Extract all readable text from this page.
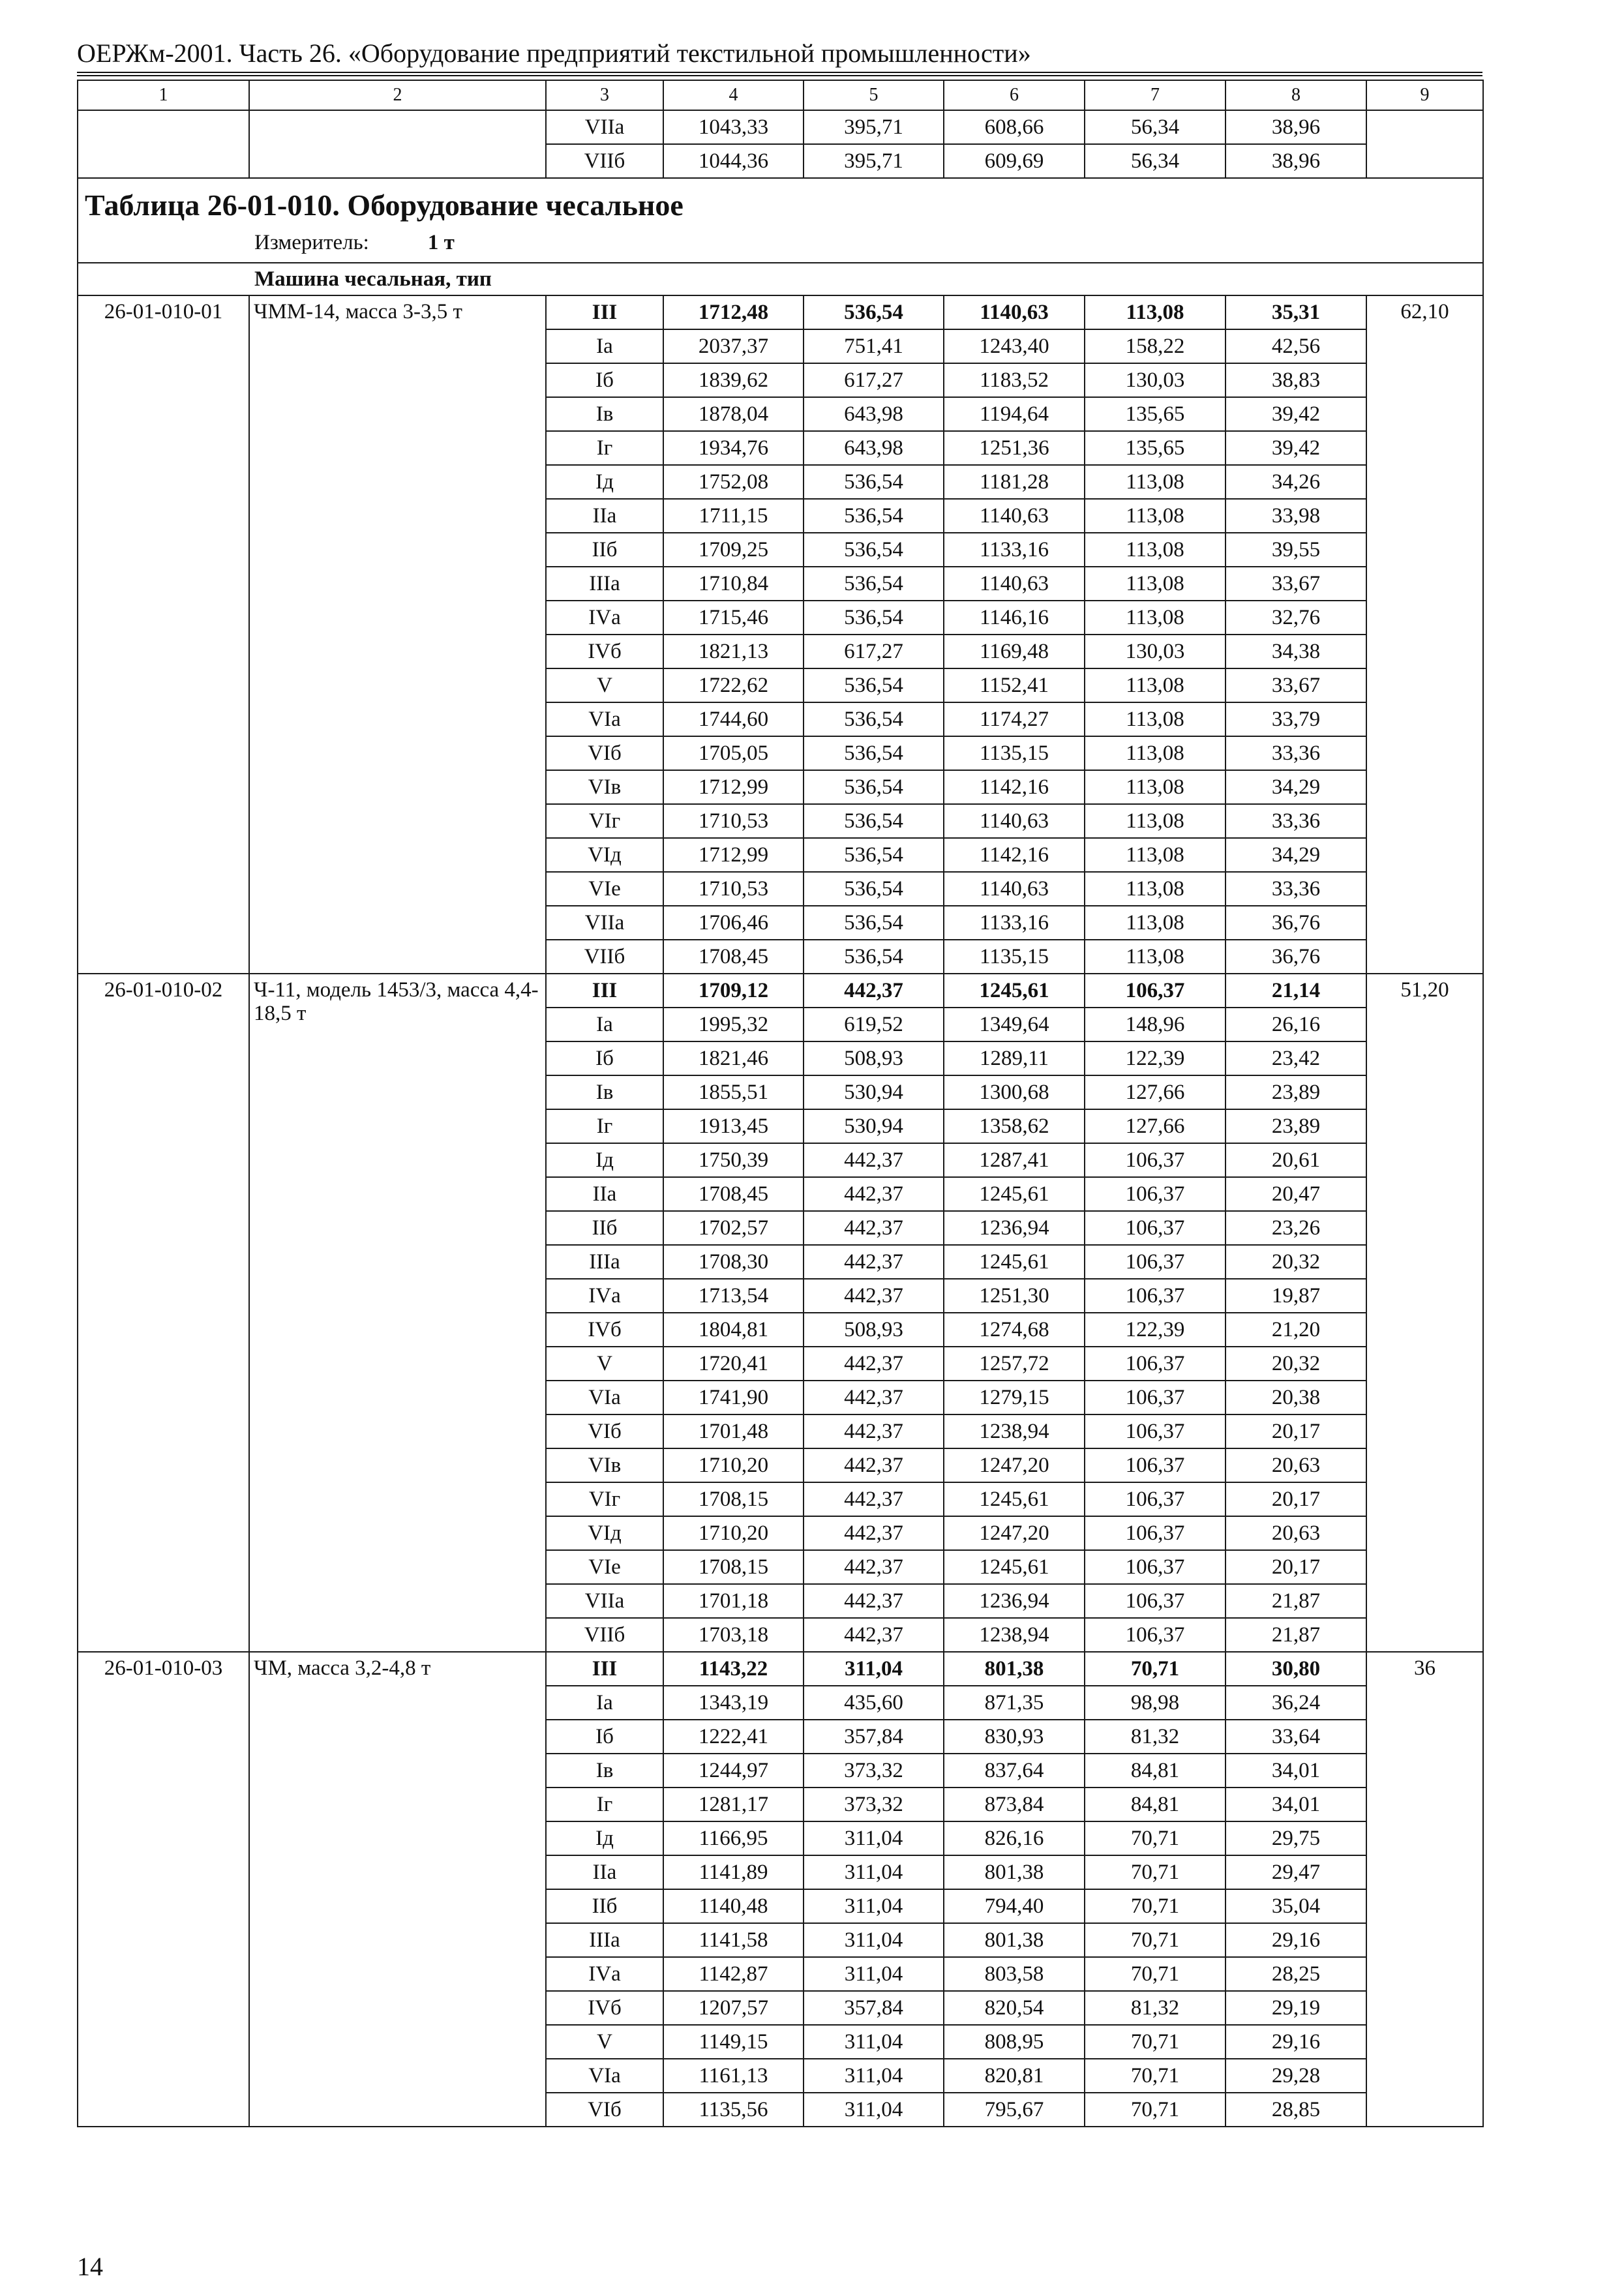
ОЕРЖм-2001. Часть 26. «Оборудование предприятий текстильной промышленности»
1	2	3	4	5	6	7	8	9
		VIIа	1043,33	395,71	608,66	56,34	38,96	
		VIIб	1044,36	395,71	609,69	56,34	38,96	

Таблица 26-01-010. Оборудование чесальное
Измеритель: 1 т								

Машина чесальная, тип								
26-01-010-01	ЧММ-14, масса 3-3,5 т	III	1712,48	536,54	1140,63	113,08	35,31	62,10
		Iа	2037,37	751,41	1243,40	158,22	42,56	
		Iб	1839,62	617,27	1183,52	130,03	38,83	
		Iв	1878,04	643,98	1194,64	135,65	39,42	
		Iг	1934,76	643,98	1251,36	135,65	39,42	
		Iд	1752,08	536,54	1181,28	113,08	34,26	
		IIа	1711,15	536,54	1140,63	113,08	33,98	
		IIб	1709,25	536,54	1133,16	113,08	39,55	
		IIIа	1710,84	536,54	1140,63	113,08	33,67	
		IVа	1715,46	536,54	1146,16	113,08	32,76	
		IVб	1821,13	617,27	1169,48	130,03	34,38	
		V	1722,62	536,54	1152,41	113,08	33,67	
		VIа	1744,60	536,54	1174,27	113,08	33,79	
		VIб	1705,05	536,54	1135,15	113,08	33,36	
		VIв	1712,99	536,54	1142,16	113,08	34,29	
		VIг	1710,53	536,54	1140,63	113,08	33,36	
		VIд	1712,99	536,54	1142,16	113,08	34,29	
		VIе	1710,53	536,54	1140,63	113,08	33,36	
		VIIа	1706,46	536,54	1133,16	113,08	36,76	
		VIIб	1708,45	536,54	1135,15	113,08	36,76	
26-01-010-02	Ч-11, модель 1453/3, масса 4,4-18,5 т	III	1709,12	442,37	1245,61	106,37	21,14	51,20
		Iа	1995,32	619,52	1349,64	148,96	26,16	
		Iб	1821,46	508,93	1289,11	122,39	23,42	
		Iв	1855,51	530,94	1300,68	127,66	23,89	
		Iг	1913,45	530,94	1358,62	127,66	23,89	
		Iд	1750,39	442,37	1287,41	106,37	20,61	
		IIа	1708,45	442,37	1245,61	106,37	20,47	
		IIб	1702,57	442,37	1236,94	106,37	23,26	
		IIIа	1708,30	442,37	1245,61	106,37	20,32	
		IVа	1713,54	442,37	1251,30	106,37	19,87	
		IVб	1804,81	508,93	1274,68	122,39	21,20	
		V	1720,41	442,37	1257,72	106,37	20,32	
		VIа	1741,90	442,37	1279,15	106,37	20,38	
		VIб	1701,48	442,37	1238,94	106,37	20,17	
		VIв	1710,20	442,37	1247,20	106,37	20,63	
		VIг	1708,15	442,37	1245,61	106,37	20,17	
		VIд	1710,20	442,37	1247,20	106,37	20,63	
		VIе	1708,15	442,37	1245,61	106,37	20,17	
		VIIа	1701,18	442,37	1236,94	106,37	21,87	
		VIIб	1703,18	442,37	1238,94	106,37	21,87	
26-01-010-03	ЧМ, масса 3,2-4,8 т	III	1143,22	311,04	801,38	70,71	30,80	36
		Iа	1343,19	435,60	871,35	98,98	36,24	
		Iб	1222,41	357,84	830,93	81,32	33,64	
		Iв	1244,97	373,32	837,64	84,81	34,01	
		Iг	1281,17	373,32	873,84	84,81	34,01	
		Iд	1166,95	311,04	826,16	70,71	29,75	
		IIа	1141,89	311,04	801,38	70,71	29,47	
		IIб	1140,48	311,04	794,40	70,71	35,04	
		IIIа	1141,58	311,04	801,38	70,71	29,16	
		IVа	1142,87	311,04	803,58	70,71	28,25	
		IVб	1207,57	357,84	820,54	81,32	29,19	
		V	1149,15	311,04	808,95	70,71	29,16	
		VIа	1161,13	311,04	820,81	70,71	29,28	
		VIб	1135,56	311,04	795,67	70,71	28,85	
14
